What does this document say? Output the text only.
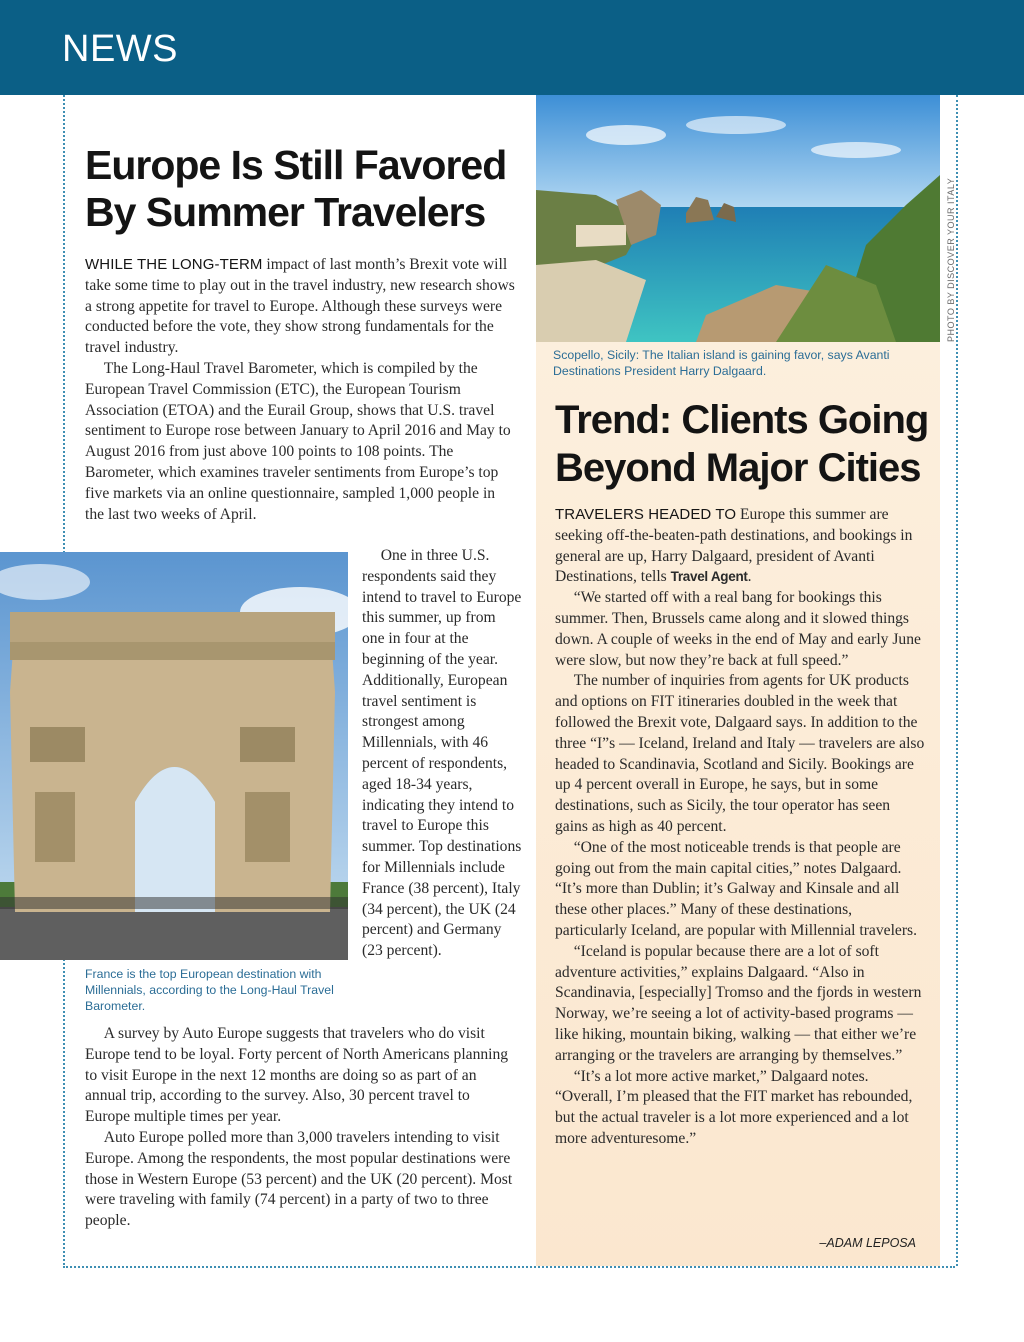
NEWS
PHOTO BY DISCOVER YOUR ITALY
Scopello, Sicily: The Italian island is gaining favor, says Avanti Destinations President Harry Dalgaard.
France is the top European destination with Millennials, according to the Long-Haul Travel Barometer.
Europe Is Still Favored By Summer Travelers

WHILE THE LONG-TERM impact of last month’s Brexit vote will take some time to play out in the travel industry, new research shows a strong appetite for travel to Europe. Although these surveys were conducted before the vote, they show strong fundamentals for the travel industry.

The Long-Haul Travel Barometer, which is compiled by the European Travel Commission (ETC), the European Tourism Association (ETOA) and the Eurail Group, shows that U.S. travel sentiment to Europe rose between January to April 2016 and May to August 2016 from just above 100 points to 108 points. The Barometer, which examines traveler sentiments from Europe’s top five markets via an online questionnaire, sampled 1,000 people in the last two weeks of April.

One in three U.S. respondents said they intend to travel to Europe this summer, up from one in four at the beginning of the year. Additionally, European travel sentiment is strongest among Millennials, with 46 percent of respondents, aged 18-34 years, indicating they intend to travel to Europe this summer. Top destinations for Millennials include France (38 percent), Italy (34 percent), the UK (24 percent) and Germany (23 percent).

A survey by Auto Europe suggests that travelers who do visit Europe tend to be loyal. Forty percent of North Americans planning to visit Europe in the next 12 months are doing so as part of an annual trip, according to the survey. Also, 30 percent travel to Europe multiple times per year.

Auto Europe polled more than 3,000 travelers intending to visit Europe. Among the respondents, the most popular destinations were those in Western Europe (53 percent) and the UK (20 percent). Most were traveling with family (74 percent) in a party of two to three people.

Trend: Clients Going Beyond Major Cities

TRAVELERS HEADED TO Europe this summer are seeking off-the-beaten-path destinations, and bookings in general are up, Harry Dalgaard, president of Avanti Destinations, tells Travel Agent.

“We started off with a real bang for bookings this summer. Then, Brussels came along and it slowed things down. A couple of weeks in the end of May and early June were slow, but now they’re back at full speed.”

The number of inquiries from agents for UK products and options on FIT itineraries doubled in the week that followed the Brexit vote, Dalgaard says. In addition to the three “I”s — Iceland, Ireland and Italy — travelers are also headed to Scandinavia, Scotland and Sicily. Bookings are up 4 percent overall in Europe, he says, but in some destinations, such as Sicily, the tour operator has seen gains as high as 40 percent.

“One of the most noticeable trends is that people are going out from the main capital cities,” notes Dalgaard. “It’s more than Dublin; it’s Galway and Kinsale and all these other places.” Many of these destinations, particularly Iceland, are popular with Millennial travelers.

“Iceland is popular because there are a lot of soft adventure activities,” explains Dalgaard. “Also in Scandinavia, [especially] Tromso and the fjords in western Norway, we’re seeing a lot of activity-based programs — like hiking, mountain biking, walking — that either we’re arranging or the travelers are arranging by themselves.”

“It’s a lot more active market,” Dalgaard notes. “Overall, I’m pleased that the FIT market has rebounded, but the actual traveler is a lot more experienced and a lot more adventuresome.”

–ADAM LEPOSA
